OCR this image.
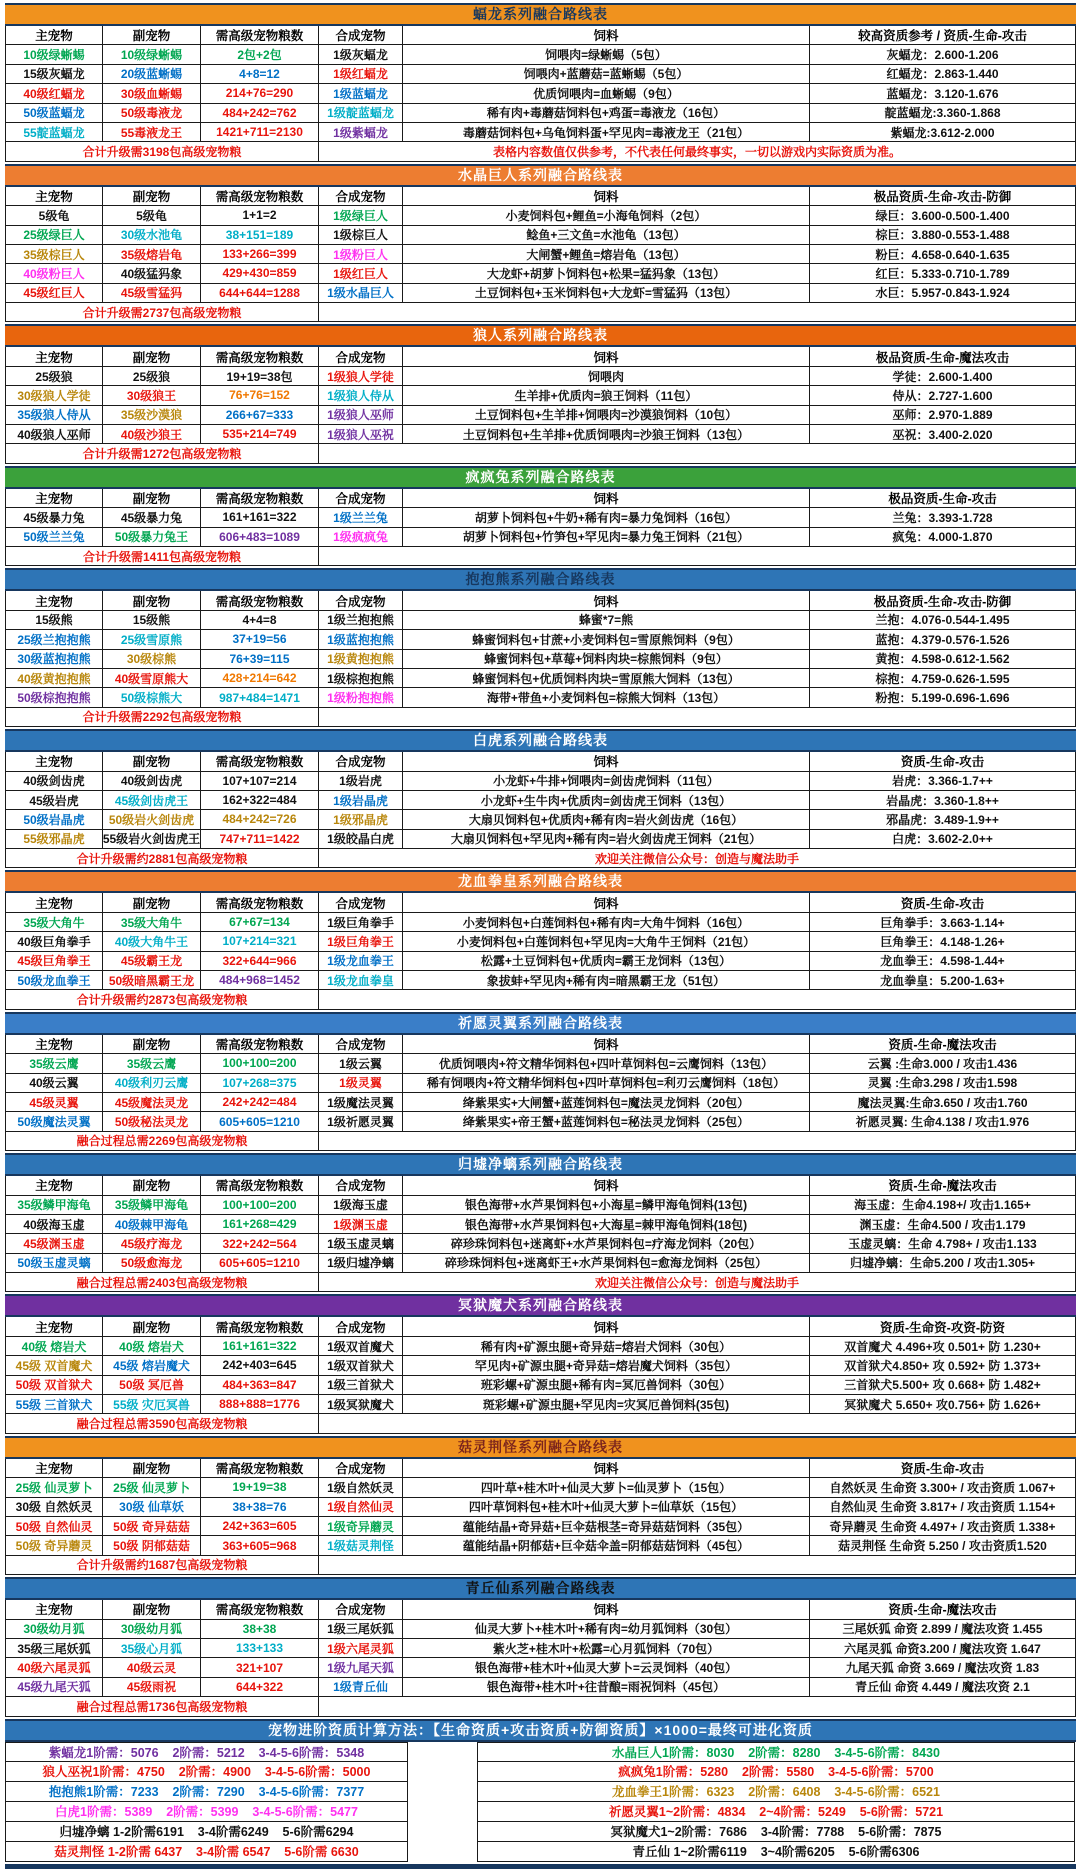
蝠龙系列融合路线表
主宠物	副宠物	需高级宠物粮数	合成宠物	饲料	较高资质参考 / 资质-生命-攻击
10级绿蜥蜴	10级绿蜥蜴	2包+2包	1级灰蝠龙	饲喂肉=绿蜥蜴（5包）	灰蝠龙：2.600-1.206
15级灰蝠龙	20级蓝蜥蜴	4+8=12	1级红蝠龙	饲喂肉+蓝蘑菇=蓝蜥蜴（5包）	红蝠龙：2.863-1.440
40级红蝠龙	30级血蜥蜴	214+76=290	1级蓝蝠龙	优质饲喂肉=血蜥蜴（9包）	蓝蝠龙：3.120-1.676
50级蓝蝠龙	50级毒液龙	484+242=762	1级靛蓝蝠龙	稀有肉+毒蘑菇饲料包+鸡蛋=毒液龙（16包）	靛蓝蝠龙:3.360-1.868
55靛蓝蝠龙	55毒液龙王	1421+711=2130	1级紫蝠龙	毒蘑菇饲料包+乌龟饲料蛋+罕见肉=毒液龙王（21包）	紫蝠龙:3.612-2.000
合计升级需3198包高级宠物粮	表格内容数值仅供参考，不代表任何最终事实，一切以游戏内实际资质为准。
水晶巨人系列融合路线表
主宠物	副宠物	需高级宠物粮数	合成宠物	饲料	极品资质-生命-攻击-防御
5级龟	5级龟	1+1=2	1级绿巨人	小麦饲料包+鲤鱼=小海龟饲料（2包）	绿巨：3.600-0.500-1.400
25级绿巨人	30级水池龟	38+151=189	1级棕巨人	鲶鱼+三文鱼=水池龟（13包）	棕巨：3.880-0.553-1.488
35级棕巨人	35级熔岩龟	133+266=399	1级粉巨人	大闸蟹+鲤鱼=熔岩龟（13包）	粉巨：4.658-0.640-1.635
40级粉巨人	40级猛犸象	429+430=859	1级红巨人	大龙虾+胡萝卜饲料包+松果=猛犸象（13包）	红巨：5.333-0.710-1.789
45级红巨人	45级雪猛犸	644+644=1288	1级水晶巨人	土豆饲料包+玉米饲料包+大龙虾=雪猛犸（13包）	水巨：5.957-0.843-1.924
合计升级需2737包高级宠物粮
狼人系列融合路线表
主宠物	副宠物	需高级宠物粮数	合成宠物	饲料	极品资质-生命-魔法攻击
25级狼	25级狼	19+19=38包	1级狼人学徒	饲喂肉	学徒：2.600-1.400
30级狼人学徒	30级狼王	76+76=152	1级狼人侍从	生羊排+优质肉=狼王饲料（11包）	侍从：2.727-1.600
35级狼人侍从	35级沙漠狼	266+67=333	1级狼人巫师	土豆饲料包+生羊排+饲喂肉=沙漠狼饲料（10包）	巫师：2.970-1.889
40级狼人巫师	40级沙狼王	535+214=749	1级狼人巫祝	土豆饲料包+生羊排+优质饲喂肉=沙狼王饲料（13包）	巫祝：3.400-2.020
合计升级需1272包高级宠物粮
疯疯兔系列融合路线表
主宠物	副宠物	需高级宠物粮数	合成宠物	饲料	极品资质-生命-攻击
45级暴力兔	45级暴力兔	161+161=322	1级兰兰兔	胡萝卜饲料包+牛奶+稀有肉=暴力兔饲料（16包）	兰兔：3.393-1.728
50级兰兰兔	50级暴力兔王	606+483=1089	1级疯疯兔	胡萝卜饲料包+竹笋包+罕见肉=暴力兔王饲料（21包）	疯兔：4.000-1.870
合计升级需1411包高级宠物粮
抱抱熊系列融合路线表
主宠物	副宠物	需高级宠物粮数	合成宠物	饲料	极品资质-生命-攻击-防御
15级熊	15级熊	4+4=8	1级兰抱抱熊	蜂蜜*7=熊	兰抱：4.076-0.544-1.495
25级兰抱抱熊	25级雪原熊	37+19=56	1级蓝抱抱熊	蜂蜜饲料包+甘蔗+小麦饲料包=雪原熊饲料（9包）	蓝抱：4.379-0.576-1.526
30级蓝抱抱熊	30级棕熊	76+39=115	1级黄抱抱熊	蜂蜜饲料包+草莓+饲料肉块=棕熊饲料（9包）	黄抱：4.598-0.612-1.562
40级黄抱抱熊	40级雪原熊大	428+214=642	1级棕抱抱熊	蜂蜜饲料包+优质饲料肉块=雪原熊大饲料（13包）	棕抱：4.759-0.626-1.595
50级棕抱抱熊	50级棕熊大	987+484=1471	1级粉抱抱熊	海带+带鱼+小麦饲料包=棕熊大饲料（13包）	粉抱：5.199-0.696-1.696
合计升级需2292包高级宠物粮
白虎系列融合路线表
主宠物	副宠物	需高级宠物粮数	合成宠物	饲料	资质-生命-攻击
40级剑齿虎	40级剑齿虎	107+107=214	1级岩虎	小龙虾+牛排+饲喂肉=剑齿虎饲料（11包）	岩虎：3.366-1.7++
45级岩虎	45级剑齿虎王	162+322=484	1级岩晶虎	小龙虾+生牛肉+优质肉=剑齿虎王饲料（13包）	岩晶虎：3.360-1.8++
50级岩晶虎	50级岩火剑齿虎	484+242=726	1级邪晶虎	大扇贝饲料包+优质肉+稀有肉=岩火剑齿虎（16包）	邪晶虎：3.489-1.9++
55级邪晶虎	55级岩火剑齿虎王	747+711=1422	1级皎晶白虎	大扇贝饲料包+罕见肉+稀有肉=岩火剑齿虎王饲料（21包）	白虎：3.602-2.0++
合计升级需约2881包高级宠物粮	欢迎关注微信公众号：创造与魔法助手
龙血拳皇系列融合路线表
主宠物	副宠物	需高级宠物粮数	合成宠物	饲料	资质-生命-攻击
35级大角牛	35级大角牛	67+67=134	1级巨角拳手	小麦饲料包+白莲饲料包+稀有肉=大角牛饲料（16包）	巨角拳手：3.663-1.14+
40级巨角拳手	40级大角牛王	107+214=321	1级巨角拳王	小麦饲料包+白莲饲料包+罕见肉=大角牛王饲料（21包）	巨角拳王：4.148-1.26+
45级巨角拳王	45级霸王龙	322+644=966	1级龙血拳王	松露+土豆饲料包+优质肉=霸王龙饲料（13包）	龙血拳王：4.598-1.44+
50级龙血拳王	50级暗黑霸王龙	484+968=1452	1级龙血拳皇	象拔蚌+罕见肉+稀有肉=暗黑霸王龙（51包）	龙血拳皇：5.200-1.63+
合计升级需约2873包高级宠物粮
祈愿灵翼系列融合路线表
主宠物	副宠物	需高级宠物粮数	合成宠物	饲料	资质-生命-魔法攻击
35级云鹰	35级云鹰	100+100=200	1级云翼	优质饲喂肉+符文精华饲料包+四叶草饲料包=云鹰饲料（13包）	云翼 :生命3.000 / 攻击1.436
40级云翼	40级利刃云鹰	107+268=375	1级灵翼	稀有饲喂肉+符文精华饲料包+四叶草饲料包=利刃云鹰饲料（18包）	灵翼 :生命3.298 / 攻击1.598
45级灵翼	45级魔法灵龙	242+242=484	1级魔法灵翼	绛紫果实+大闸蟹+蓝莲饲料包=魔法灵龙饲料（20包）	魔法灵翼:生命3.650 / 攻击1.760
50级魔法灵翼	50级秘法灵龙	605+605=1210	1级祈愿灵翼	绛紫果实+帝王蟹+蓝莲饲料包=秘法灵龙饲料（25包）	祈愿灵翼: 生命4.138 / 攻击1.976
融合过程总需2269包高级宠物粮
归墟净螭系列融合路线表
主宠物	副宠物	需高级宠物粮数	合成宠物	饲料	资质-生命-魔法攻击
35级鳞甲海龟	35级鳞甲海龟	100+100=200	1级海玉虚	银色海带+水芦果饲料包+小海星=鳞甲海龟饲料(13包)	海玉虚：生命4.198+/ 攻击1.165+
40级海玉虚	40级棘甲海龟	161+268=429	1级渊玉虚	银色海带+水芦果饲料包+大海星=棘甲海龟饲料(18包)	渊玉虚：生命4.500 / 攻击1.179
45级渊玉虚	45级疗海龙	322+242=564	1级玉虚灵螭	碎珍珠饲料包+迷离虾+水芦果饲料包=疗海龙饲料（20包）	玉虚灵螭：生命 4.798+ / 攻击1.133
50级玉虚灵螭	50级愈海龙	605+605=1210	1级归墟净螭	碎珍珠饲料包+迷离虾王+水芦果饲料包=愈海龙饲料（25包）	归墟净螭：生命5.200 / 攻击1.305+
融合过程总需2403包高级宠物粮	欢迎关注微信公众号：创造与魔法助手
冥狱魔犬系列融合路线表
主宠物	副宠物	需高级宠物粮数	合成宠物	饲料	资质-生命资-攻资-防资
40级 熔岩犬	40级 熔岩犬	161+161=322	1级双首魔犬	稀有肉+矿源虫腿+奇异菇=熔岩犬饲料（30包）	双首魔犬 4.496+攻 0.501+ 防 1.230+
45级 双首魔犬	45级 熔岩魔犬	242+403=645	1级双首狱犬	罕见肉+矿源虫腿+奇异菇=熔岩魔犬饲料（35包）	双首狱犬4.850+ 攻 0.592+ 防 1.373+
50级 双首狱犬	50级 冥厄兽	484+363=847	1级三首狱犬	班彩螺+矿源虫腿+稀有肉=冥厄兽饲料（30包）	三首狱犬5.500+ 攻 0.668+ 防 1.482+
55级 三首狱犬	55级 灾厄冥兽	888+888=1776	1级冥狱魔犬	斑彩螺+矿源虫腿+罕见肉=灾冥厄兽饲料(35包)	冥狱魔犬 5.650+ 攻0.756+ 防 1.626+
融合过程总需3590包高级宠物粮
菇灵荆怪系列融合路线表
主宠物	副宠物	需高级宠物粮数	合成宠物	饲料	资质-生命-攻击
25级 仙灵萝卜	25级 仙灵萝卜	19+19=38	1级自然妖灵	四叶草+桂木叶+仙灵大萝卜=仙灵萝卜（15包）	自然妖灵 生命资 3.300+ / 攻击资质 1.067+
30级 自然妖灵	30级 仙草妖	38+38=76	1级自然仙灵	四叶草饲料包+桂木叶+仙灵大萝卜=仙草妖（15包）	自然仙灵 生命资 3.817+ / 攻击资质 1.154+
50级 自然仙灵	50级 奇异菇菇	242+363=605	1级奇异蘑灵	蕴能结晶+奇异菇+巨伞菇根茎=奇异菇菇饲料（35包）	奇异蘑灵 生命资 4.497+ / 攻击资质 1.338+
50级 奇异蘑灵	50级 阴郁菇菇	363+605=968	1级菇灵荆怪	蕴能结晶+阴郁菇+巨伞菇伞盖=阴郁菇菇饲料（45包）	菇灵荆怪 生命资 5.250 / 攻击资质1.520
合计升级需约1687包高级宠物粮
青丘仙系列融合路线表
主宠物	副宠物	需高级宠物粮数	合成宠物	饲料	资质-生命-魔法攻击
30级幼月狐	30级幼月狐	38+38	1级三尾妖狐	仙灵大萝卜+桂木叶+稀有肉=幼月狐饲料（30包）	三尾妖狐 命资 2.899 / 魔法攻资 1.455
35级三尾妖狐	35级心月狐	133+133	1级六尾灵狐	紫火芝+桂木叶+松露=心月狐饲料（70包）	六尾灵狐 命资3.200 / 魔法攻资 1.647
40级六尾灵狐	40级云灵	321+107	1级九尾天狐	银色海带+桂木叶+仙灵大萝卜=云灵饲料（40包）	九尾天狐 命资 3.669 / 魔法攻资 1.83
45级九尾天狐	45级雨祝	644+322	1级青丘仙	银色海带+桂木叶+往昔酿=雨祝饲料（45包）	青丘仙 命资 4.449 / 魔法攻资 2.1
融合过程总需1736包高级宠物粮
宠物进阶资质计算方法：【生命资质+攻击资质+防御资质】×1000=最终可进化资质
紫蝠龙1阶需：5076    2阶需：5212    3-4-5-6阶需：5348	水晶巨人1阶需：8030    2阶需：8280    3-4-5-6阶需：8430
狼人巫祝1阶需：4750    2阶需：4900    3-4-5-6阶需：5000	疯疯兔1阶需：5280    2阶需：5580    3-4-5-6阶需：5700
抱抱熊1阶需：7233    2阶需：7290    3-4-5-6阶需：7377	龙血拳王1阶需：6323    2阶需：6408    3-4-5-6阶需：6521
白虎1阶需：5389    2阶需：5399    3-4-5-6阶需：5477	祈愿灵翼1~2阶需：4834    2~4阶需：5249    5-6阶需：5721
归墟净螭 1-2阶需6191    3-4阶需6249    5-6阶需6294	冥狱魔犬1~2阶需：7686    3-4阶需：7788    5-6阶需：7875
菇灵荆怪 1-2阶需 6437    3-4阶需 6547    5-6阶需 6630	青丘仙 1~2阶需6119    3~4阶需6205    5-6阶需6306
